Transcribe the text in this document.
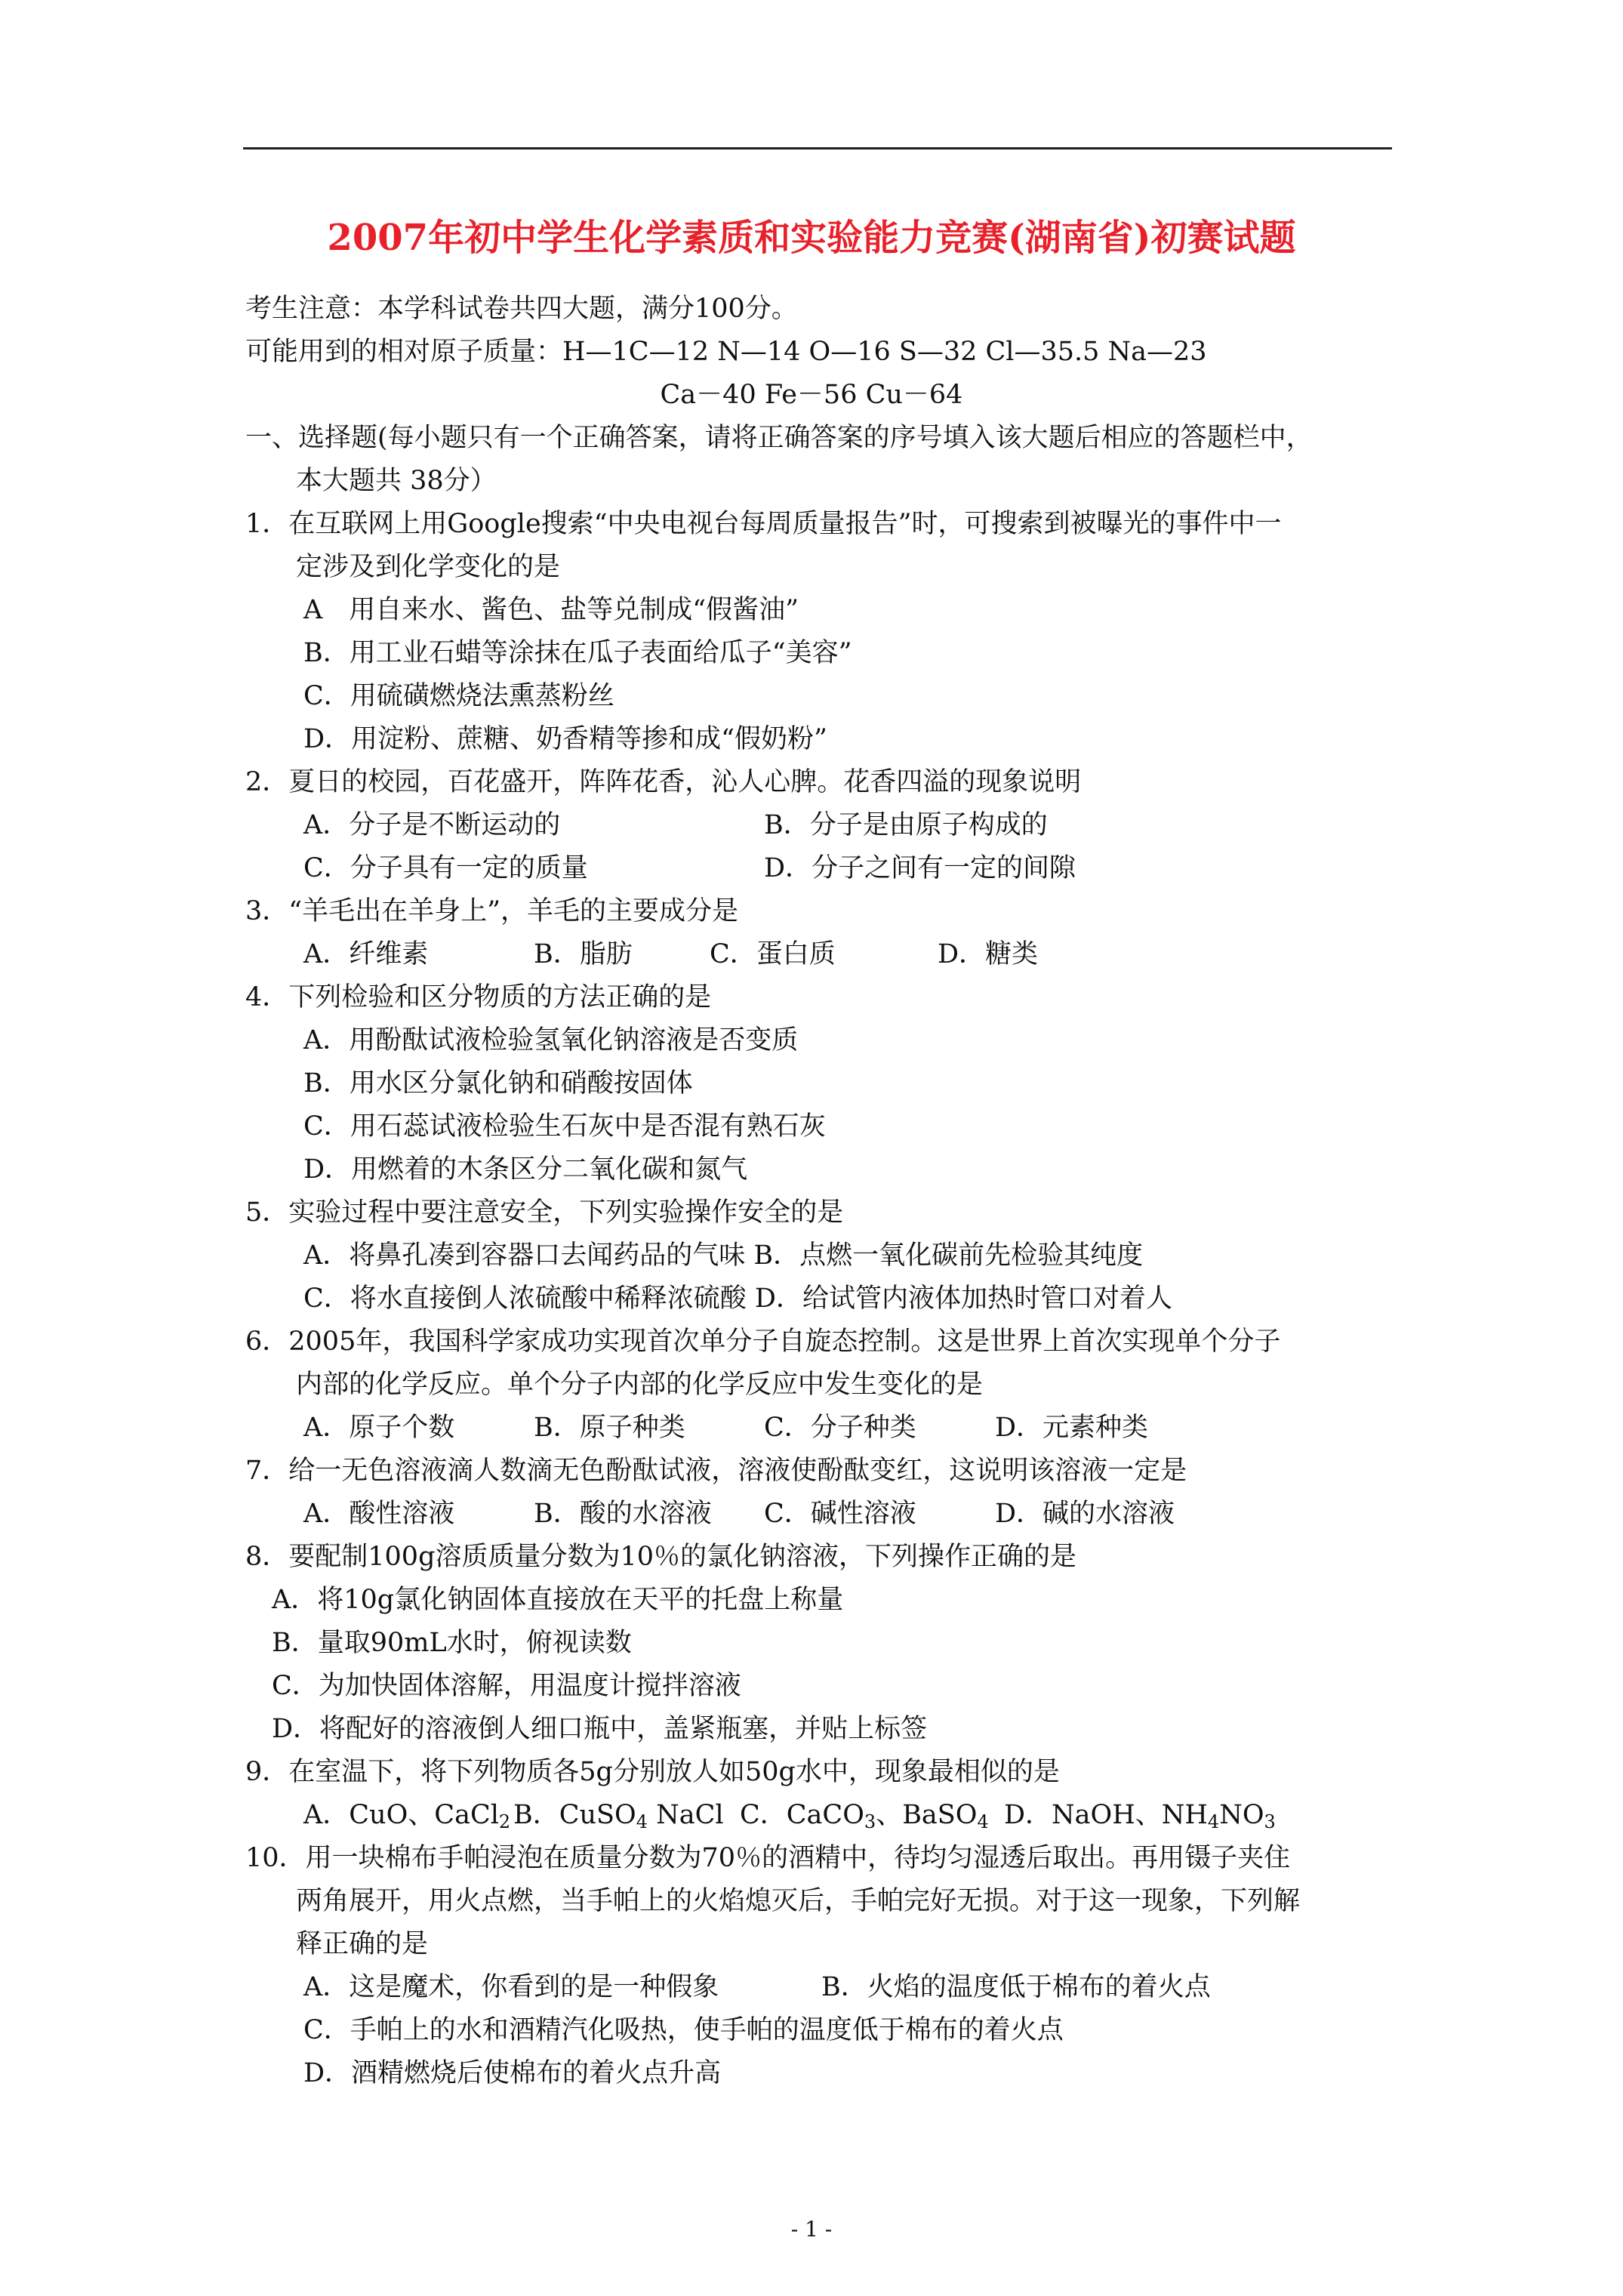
2007年初中学生化学素质和实验能力竞赛(湖南省)初赛试题
考生注意：本学科试卷共四大题，满分100分。
可能用到的相对原子质量：H—1C—12 N—14 O—16 S—32 Cl—35.5 Na—23
Ca－40 Fe－56 Cu－64
一、选择题(每小题只有一个正确答案，请将正确答案的序号填入该大题后相应的答题栏中，
本大题共 38分）
1．在互联网上用Google搜索“中央电视台每周质量报告”时，可搜索到被曝光的事件中一
定涉及到化学变化的是
A　用自来水、酱色、盐等兑制成“假酱油”
B．用工业石蜡等涂抹在瓜子表面给瓜子“美容”
C．用硫磺燃烧法熏蒸粉丝
D．用淀粉、蔗糖、奶香精等掺和成“假奶粉”
2．夏日的校园，百花盛开，阵阵花香，沁人心脾。花香四溢的现象说明
A．分子是不断运动的	B．分子是由原子构成的
C．分子具有一定的质量	D．分子之间有一定的间隙
3．“羊毛出在羊身上”，羊毛的主要成分是
A．纤维素	B．脂肪	C．蛋白质	D．糖类
4．下列检验和区分物质的方法正确的是
A．用酚酞试液检验氢氧化钠溶液是否变质
B．用水区分氯化钠和硝酸按固体
C．用石蕊试液检验生石灰中是否混有熟石灰
D．用燃着的木条区分二氧化碳和氮气
5．实验过程中要注意安全，下列实验操作安全的是
A．将鼻孔凑到容器口去闻药品的气味 B．点燃一氧化碳前先检验其纯度
C．将水直接倒人浓硫酸中稀释浓硫酸 D．给试管内液体加热时管口对着人
6．2005年，我国科学家成功实现首次单分子自旋态控制。这是世界上首次实现单个分子
内部的化学反应。单个分子内部的化学反应中发生变化的是
A．原子个数	B．原子种类	C．分子种类	D．元素种类
7．给一无色溶液滴人数滴无色酚酞试液，溶液使酚酞变红，这说明该溶液一定是
A．酸性溶液	B．酸的水溶液 C．碱性溶液	D．碱的水溶液
8．要配制100g溶质质量分数为10％的氯化钠溶液，下列操作正确的是
A．将10g氯化钠固体直接放在天平的托盘上称量
B．量取90mL水时，俯视读数
C．为加快固体溶解，用温度计搅拌溶液
D．将配好的溶液倒人细口瓶中，盖紧瓶塞，并贴上标签
9．在室温下，将下列物质各5g分别放人如50g水中，现象最相似的是
A．CuO、CaCl$_2$ B．CuSO$_4$ NaCl C．CaCO$_3$、BaSO$_4$ D．NaOH、$NH_4NO_3$
10．用一块棉布手帕浸泡在质量分数为70％的酒精中，待均匀湿透后取出。再用镊子夹住
两角展开，用火点燃，当手帕上的火焰熄灭后，手帕完好无损。对于这一现象，下列解
释正确的是
A．这是魔术，你看到的是一种假象	B．火焰的温度低于棉布的着火点
C．手帕上的水和酒精汽化吸热，使手帕的温度低于棉布的着火点
D．酒精燃烧后使棉布的着火点升高
- 1 -
